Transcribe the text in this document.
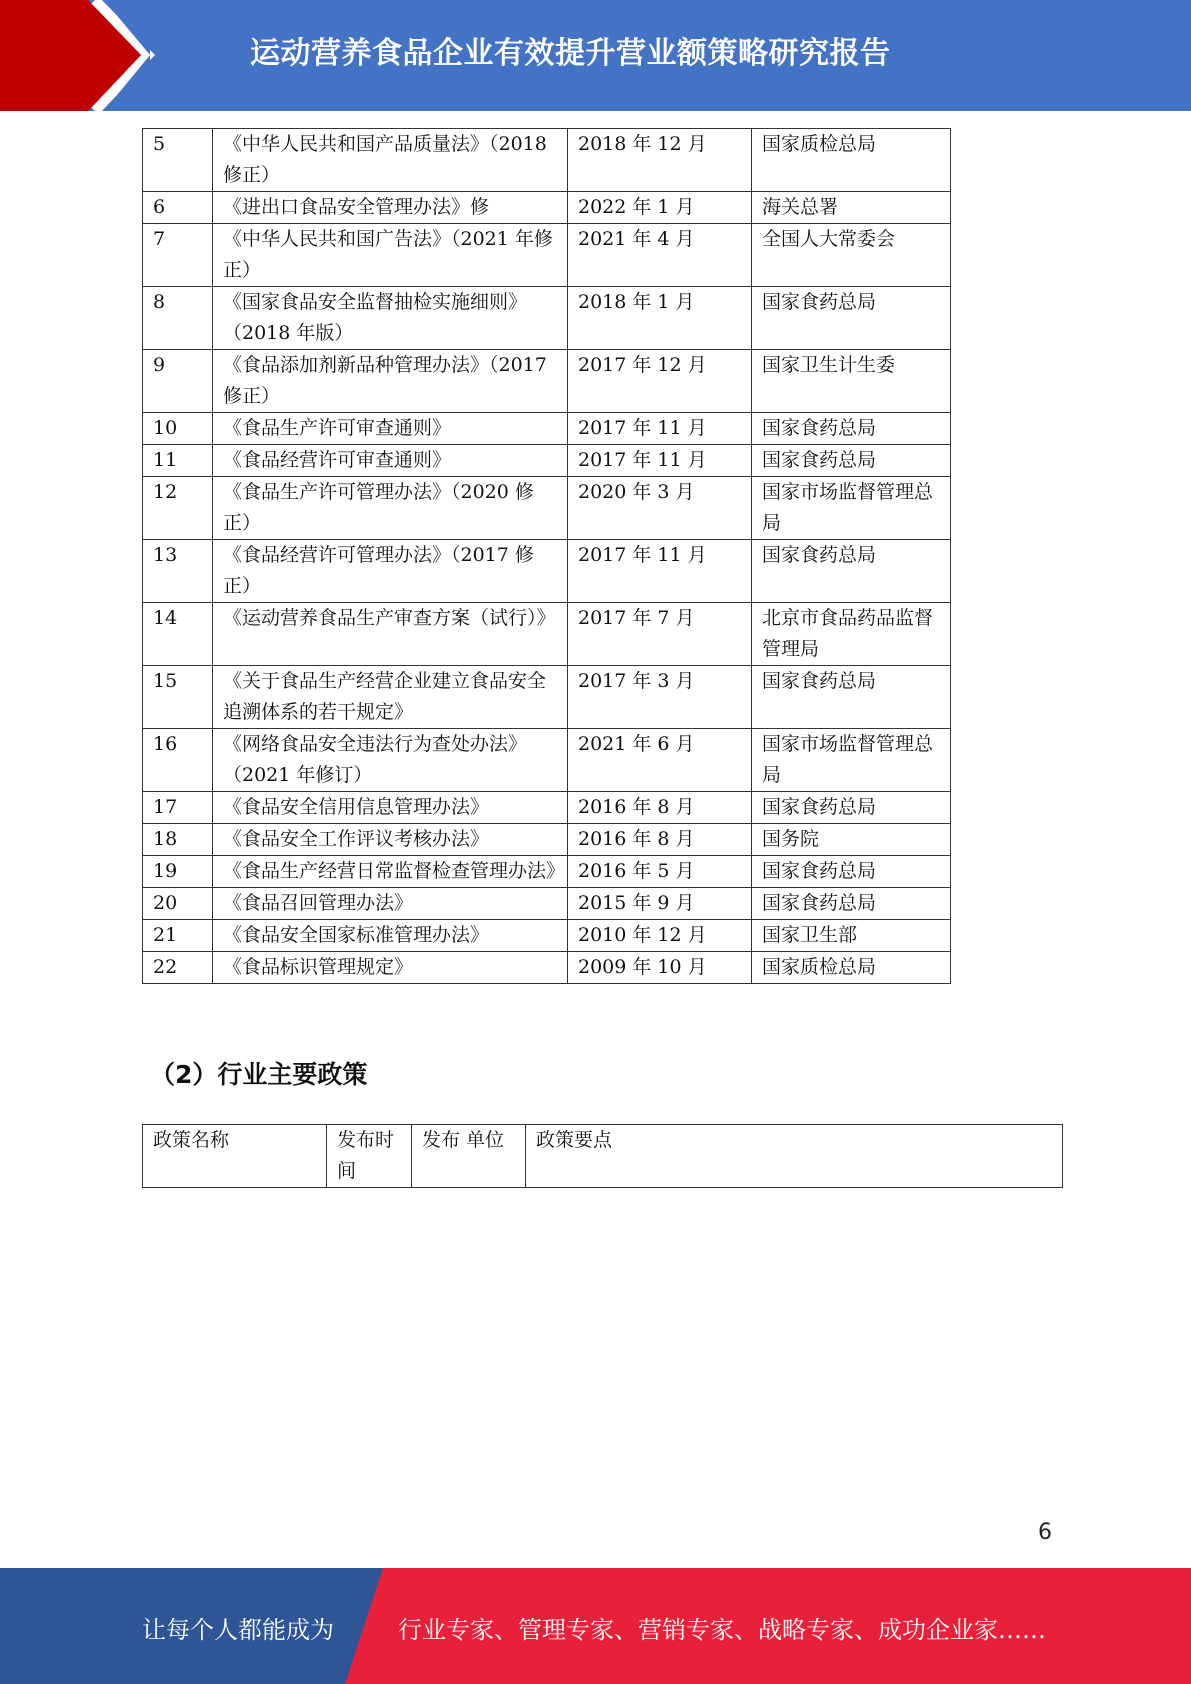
运动营养食品企业有效提升营业额策略研究报告
5	《中华人民共和国产品质量法》（2018 修正）	2018 年 12 月	国家质检总局
6	《进出口食品安全管理办法》修	2022 年 1 月	海关总署
7	《中华人民共和国广告法》（2021 年修正）	2021 年 4 月	全国人大常委会
8	《国家食品安全监督抽检实施细则》 （2018 年版）	2018 年 1 月	国家食药总局
9	《食品添加剂新品种管理办法》（2017 修正）	2017 年 12 月	国家卫生计生委
10	《食品生产许可审查通则》	2017 年 11 月	国家食药总局
11	《食品经营许可审查通则》	2017 年 11 月	国家食药总局
12	《食品生产许可管理办法》（2020 修正）	2020 年 3 月	国家市场监督管理总局
13	《食品经营许可管理办法》（2017 修正）	2017 年 11 月	国家食药总局
14	《运动营养食品生产审查方案（试行）》	2017 年 7 月	北京市食品药品监督管理局
15	《关于食品生产经营企业建立食品安全追溯体系的若干规定》	2017 年 3 月	国家食药总局
16	《网络食品安全违法行为查处办法》 （2021 年修订）	2021 年 6 月	国家市场监督管理总局
17	《食品安全信用信息管理办法》	2016 年 8 月	国家食药总局
18	《食品安全工作评议考核办法》	2016 年 8 月	国务院
19	《食品生产经营日常监督检查管理办法》	2016 年 5 月	国家食药总局
20	《食品召回管理办法》	2015 年 9 月	国家食药总局
21	《食品安全国家标准管理办法》	2010 年 12 月	国家卫生部
22	《食品标识管理规定》	2009 年 10 月	国家质检总局
（2）行业主要政策
政策名称	发布时间	发布 单位	政策要点
6
让每个人都能成为	行业专家、管理专家、营销专家、战略专家、成功企业家……
